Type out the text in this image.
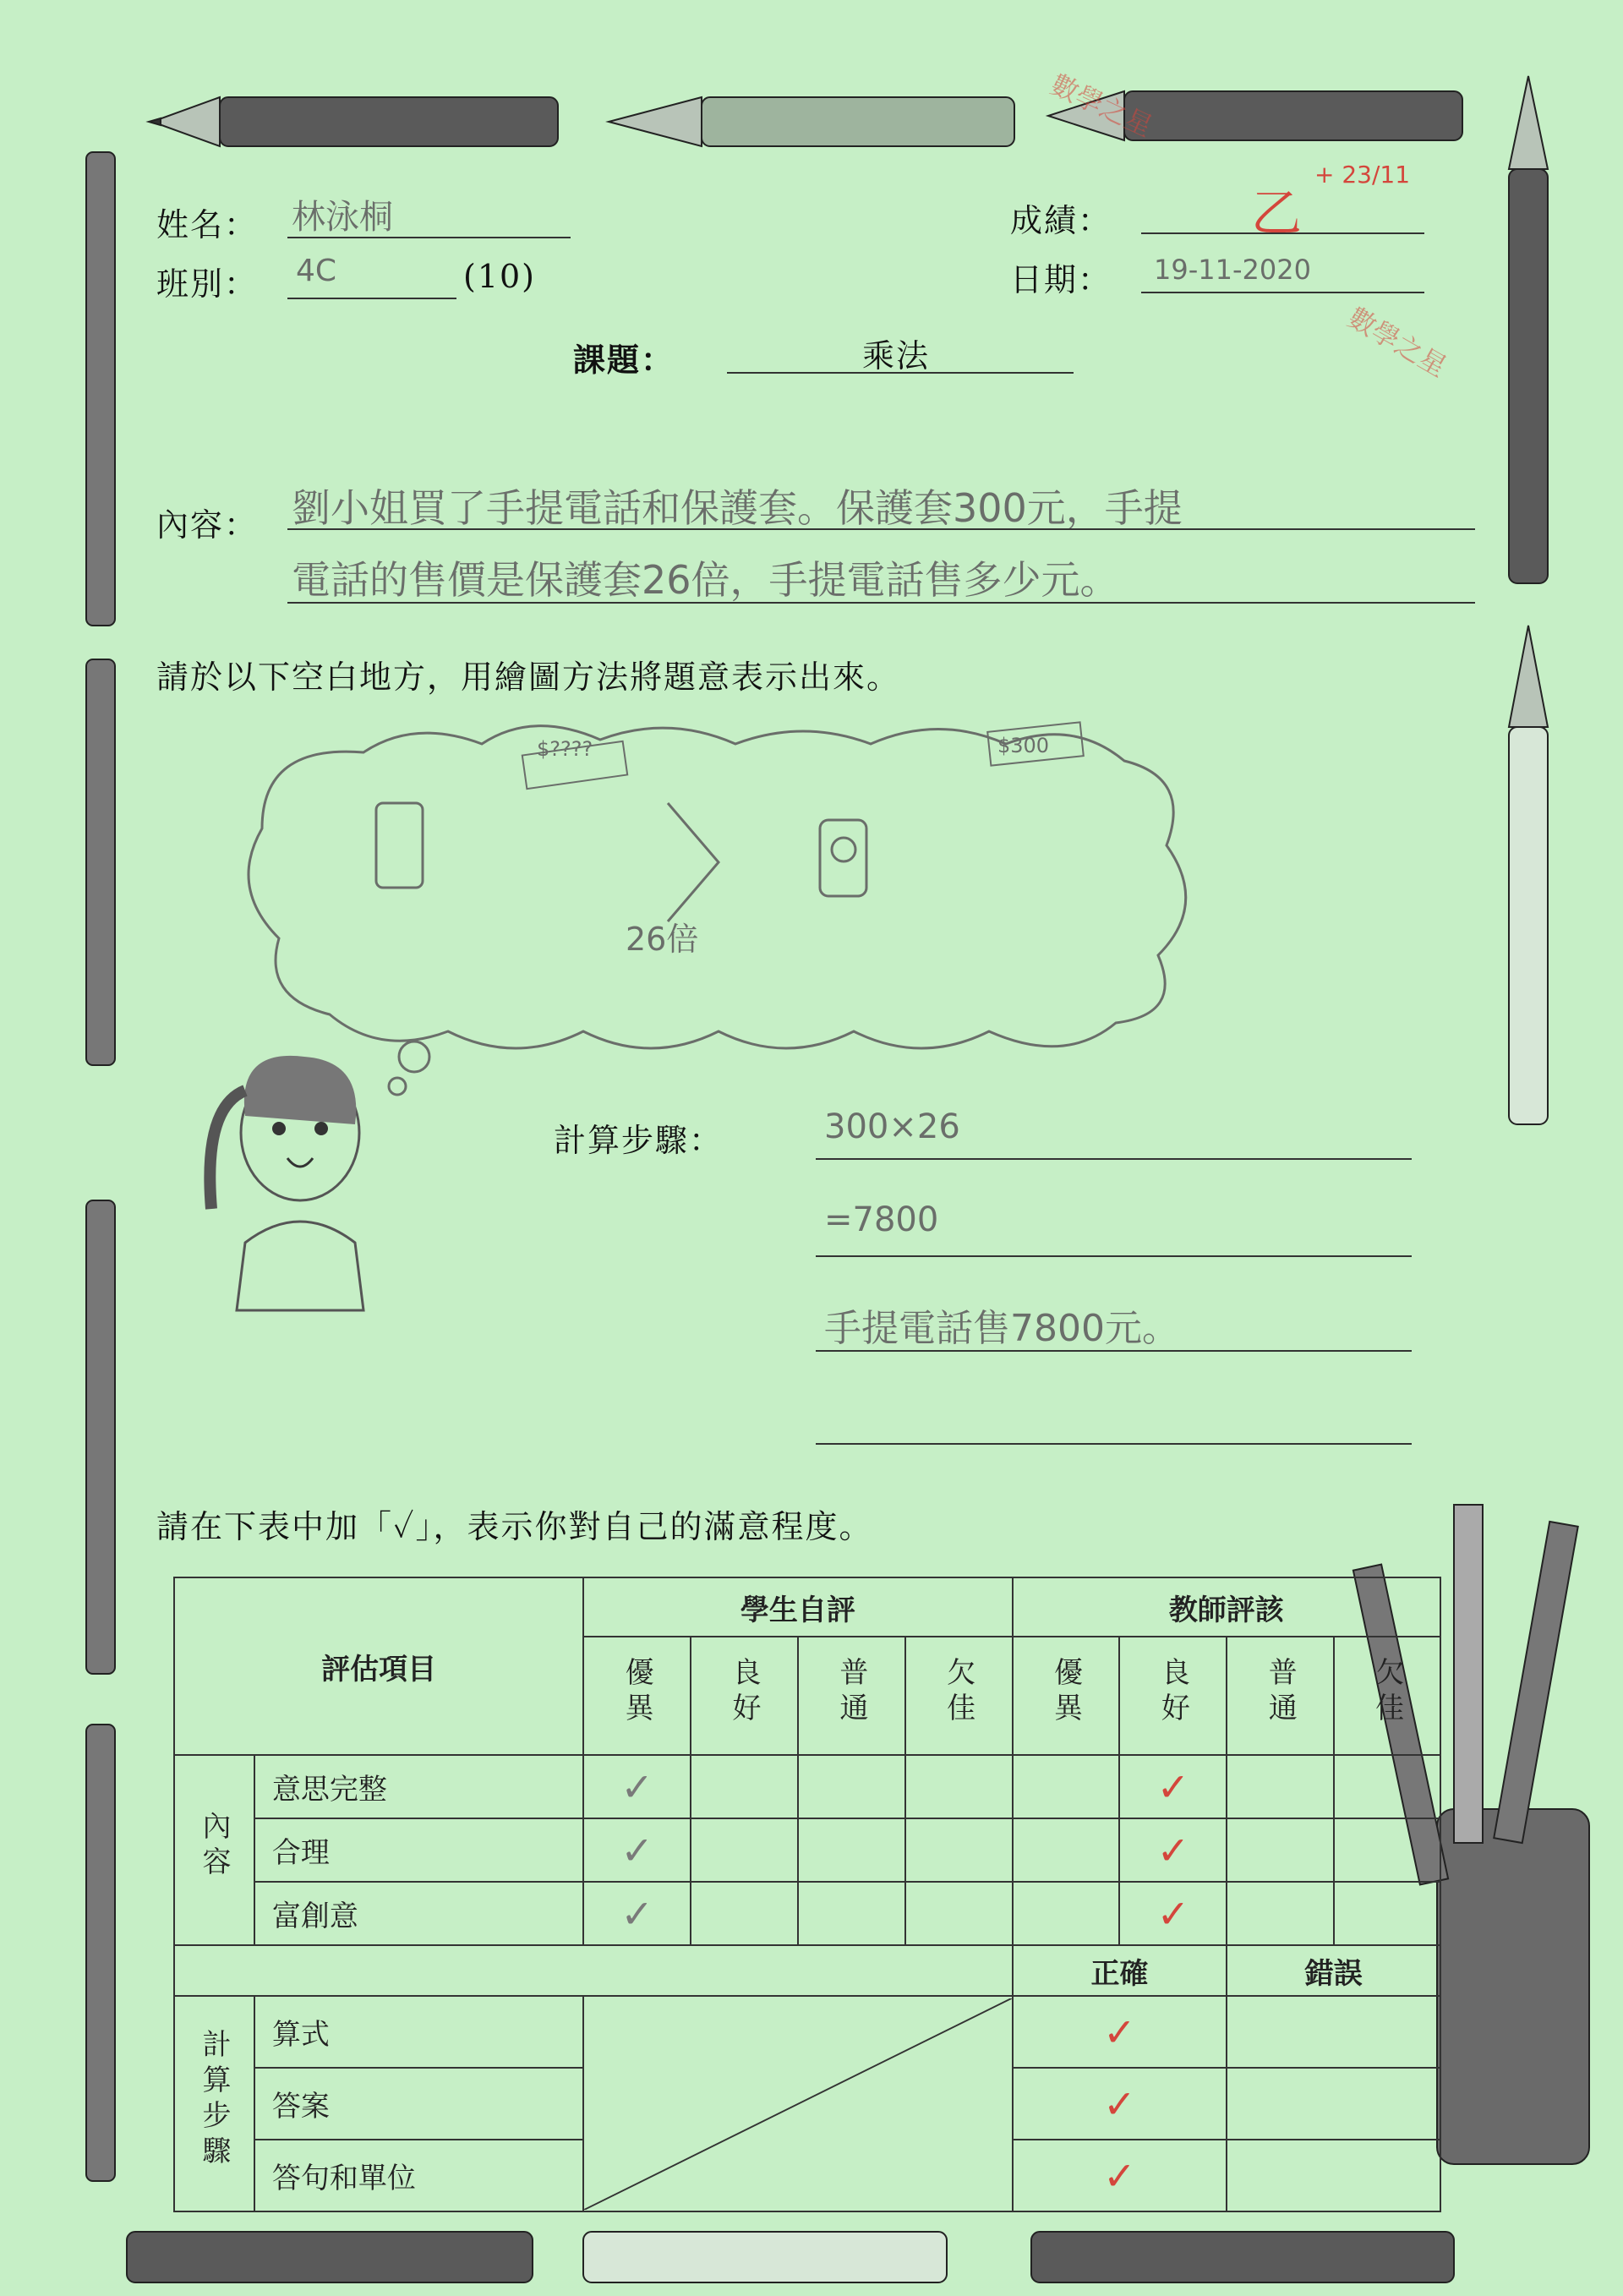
數學之星
數學之星
姓名： 林泳桐
班別： 4C	(10)
成績：	乙
+ 23/11
日期： 19-11-2020
課題：	乘法
內容： 劉小姐買了手提電話和保護套。保護套300元，手提
電話的售價是保護套26倍，手提電話售多少元。
請於以下空白地方，用繪圖方法將題意表示出來。
$????	$300
26倍
計算步驟：	300×26
=7800
手提電話售7800元。
請在下表中加「✓」，表示你對自己的滿意程度。
評估項目		學生自評				教師評該			
		優異	良好	普通	欠佳	優異	良好	普通	欠佳
內容	意思完整	✓					✓		
	合理	✓					✓		
	富創意	✓					✓		
						正確		錯誤	
計算步驟	算式					✓			
	答案					✓			
	答句和單位					✓			
